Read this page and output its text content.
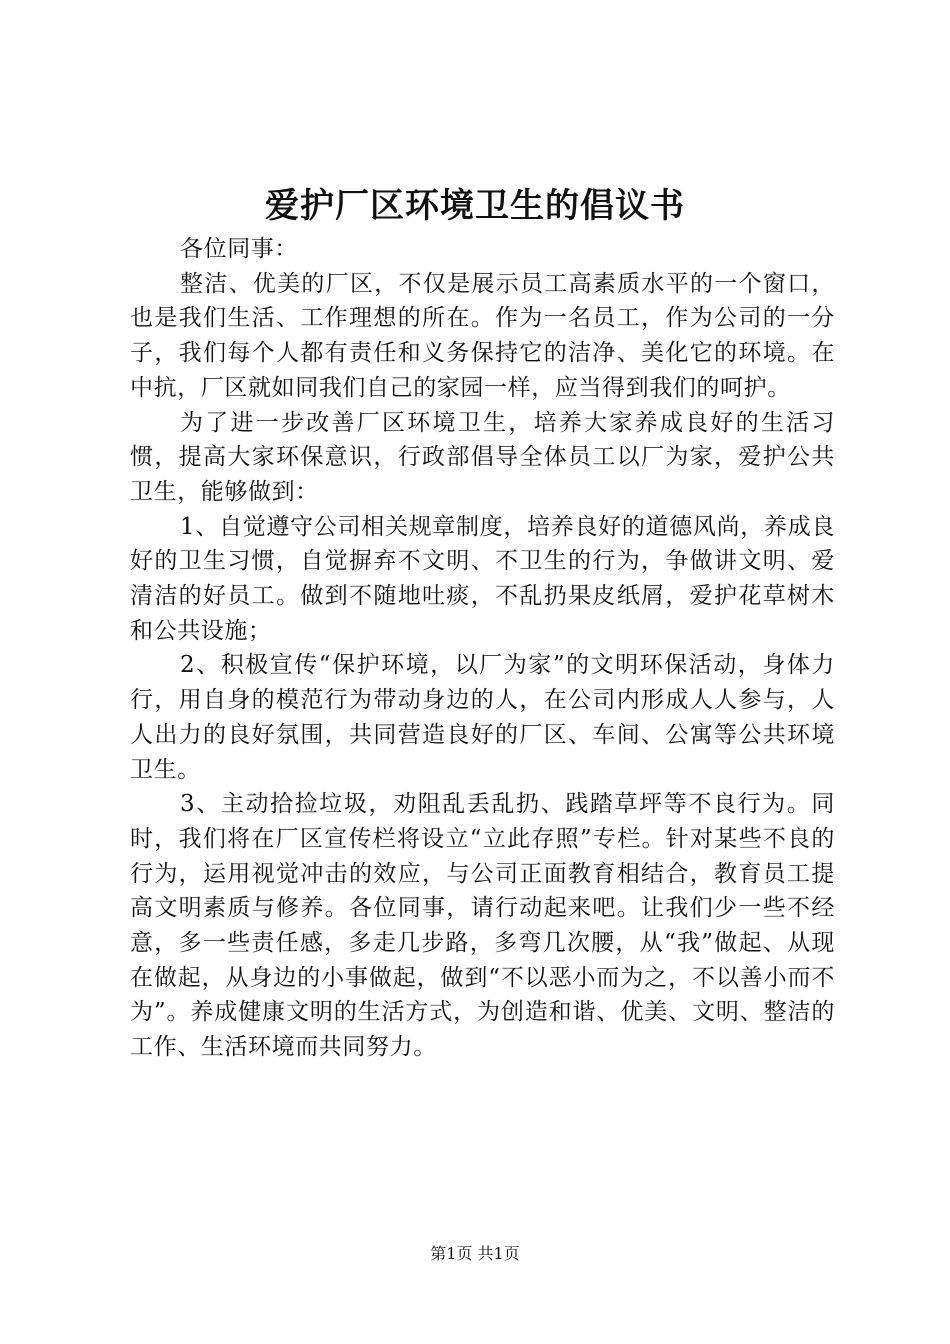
爱护厂区环境卫生的倡议书

各位同事：

整洁、优美的厂区，不仅是展示员工高素质水平的一个窗口，也是我们生活、工作理想的所在。作为一名员工，作为公司的一分子，我们每个人都有责任和义务保持它的洁净、美化它的环境。在中抗，厂区就如同我们自己的家园一样，应当得到我们的呵护。

为了进一步改善厂区环境卫生，培养大家养成良好的生活习惯，提高大家环保意识，行政部倡导全体员工以厂为家，爱护公共卫生，能够做到：

1、自觉遵守公司相关规章制度，培养良好的道德风尚，养成良好的卫生习惯，自觉摒弃不文明、不卫生的行为，争做讲文明、爱清洁的好员工。做到不随地吐痰，不乱扔果皮纸屑，爱护花草树木和公共设施；

2、积极宣传“保护环境，以厂为家”的文明环保活动，身体力行，用自身的模范行为带动身边的人，在公司内形成人人参与，人人出力的良好氛围，共同营造良好的厂区、车间、公寓等公共环境卫生。

3、主动拾捡垃圾，劝阻乱丢乱扔、践踏草坪等不良行为。同时，我们将在厂区宣传栏将设立“立此存照”专栏。针对某些不良的行为，运用视觉冲击的效应，与公司正面教育相结合，教育员工提高文明素质与修养。各位同事，请行动起来吧。让我们少一些不经意，多一些责任感，多走几步路，多弯几次腰，从“我”做起、从现在做起，从身边的小事做起，做到“不以恶小而为之，不以善小而不为”。养成健康文明的生活方式，为创造和谐、优美、文明、整洁的工作、生活环境而共同努力。

第1页 共1页
